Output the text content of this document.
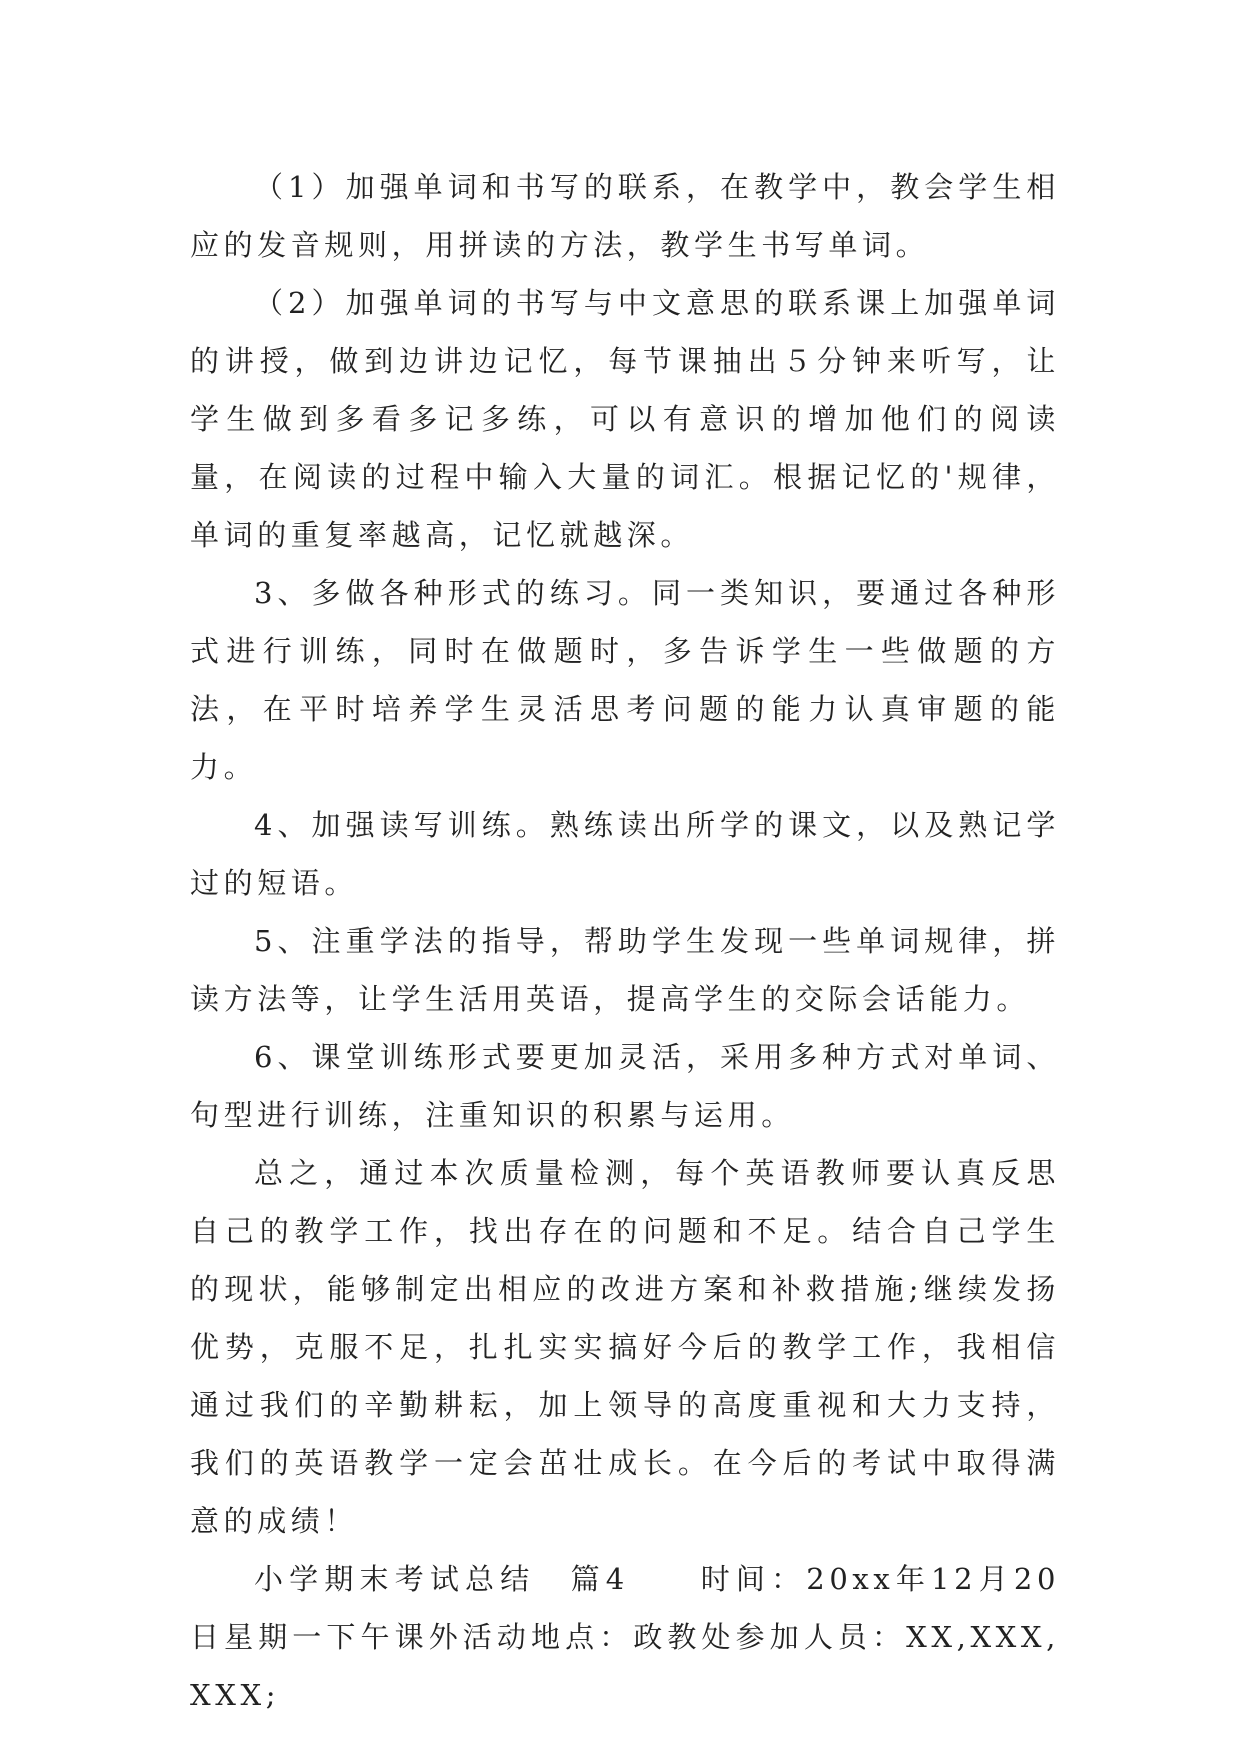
（1）加强单词和书写的联系，在教学中，教会学生相应的发音规则，用拼读的方法，教学生书写单词。

（2）加强单词的书写与中文意思的联系课上加强单词的讲授，做到边讲边记忆，每节课抽出５分钟来听写，让学生做到多看多记多练，可以有意识的增加他们的阅读量，在阅读的过程中输入大量的词汇。根据记忆的'规律，单词的重复率越高，记忆就越深。

3、多做各种形式的练习。同一类知识，要通过各种形式进行训练，同时在做题时，多告诉学生一些做题的方法，在平时培养学生灵活思考问题的能力认真审题的能力。

4、加强读写训练。熟练读出所学的课文，以及熟记学过的短语。

5、注重学法的指导，帮助学生发现一些单词规律，拼读方法等，让学生活用英语，提高学生的交际会话能力。

6、课堂训练形式要更加灵活，采用多种方式对单词、句型进行训练，注重知识的积累与运用。

总之，通过本次质量检测，每个英语教师要认真反思自己的教学工作，找出存在的问题和不足。结合自己学生的现状，能够制定出相应的改进方案和补救措施;继续发扬优势，克服不足，扎扎实实搞好今后的教学工作，我相信通过我们的辛勤耕耘，加上领导的高度重视和大力支持，我们的英语教学一定会茁壮成长。在今后的考试中取得满意的成绩！

小学期末考试总结　篇4　　时间：20xx年12月20日星期一下午课外活动地点：政教处参加人员：XX,XXX,XXX;
